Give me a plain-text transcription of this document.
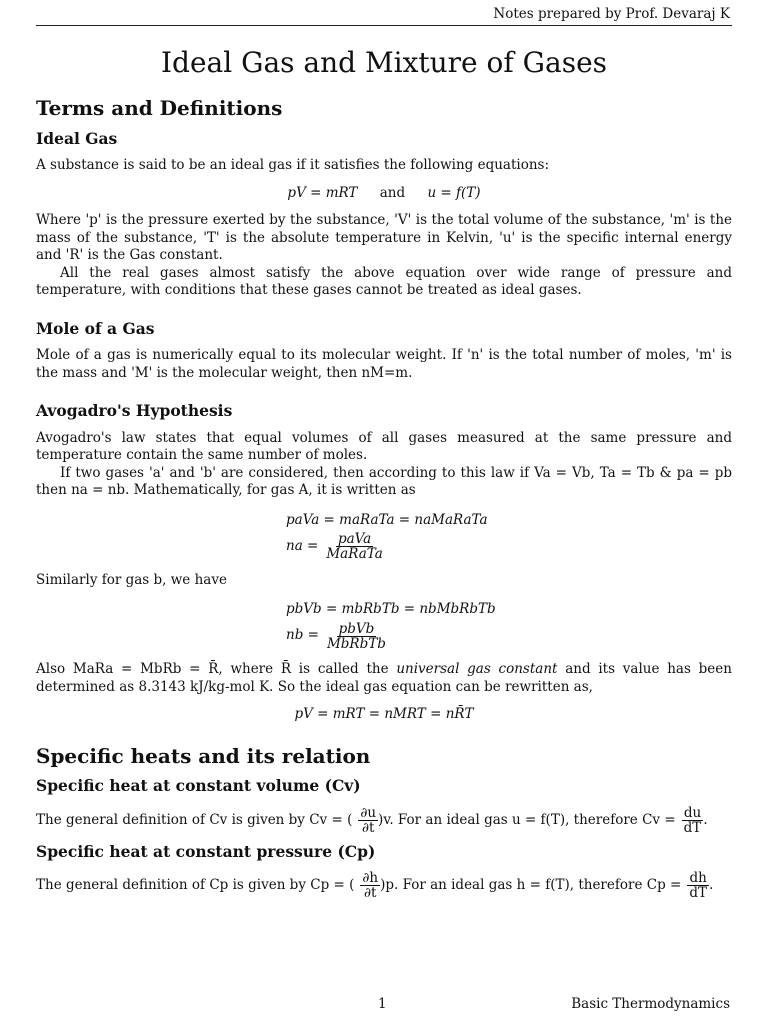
Notes prepared by Prof. Devaraj K
Ideal Gas and Mixture of Gases
Terms and Definitions
Ideal Gas

A substance is said to be an ideal gas if it satisfies the following equations:

pV = mRT and u = f(T)

Where 'p' is the pressure exerted by the substance, 'V' is the total volume of the substance, 'm' is the mass of the substance, 'T' is the absolute temperature in Kelvin, 'u' is the specific internal energy and 'R' is the Gas constant.

All the real gases almost satisfy the above equation over wide range of pressure and temperature, with conditions that these gases cannot be treated as ideal gases.

Mole of a Gas

Mole of a gas is numerically equal to its molecular weight. If 'n' is the total number of moles, 'm' is the mass and 'M' is the molecular weight, then nM=m.

Avogadro's Hypothesis

Avogadro's law states that equal volumes of all gases measured at the same pressure and temperature contain the same number of moles.

If two gases 'a' and 'b' are considered, then according to this law if Va = Vb, Ta = Tb & pa = pb then na = nb. Mathematically, for gas A, it is written as

paVa = maRaTa = naMaRaTa
na = $\frac{\text{paVa}}{\text{MaRaTa}}$

Similarly for gas b, we have

pbVb = mbRbTb = nbMbRbTb
nb = $\frac{\text{pbVb}}{\text{MbRbTb}}$

Also MaRa = MbRb = R̄, where R̄ is called the universal gas constant and its value has been determined as 8.3143 kJ/kg-mol K. So the ideal gas equation can be rewritten as,

pV = mRT = nMRT = nR̄T
Specific heats and its relation
Specific heat at constant volume (Cv)

The general definition of Cv is given by Cv = ( $\frac{\partial u}{\partial t} )v$. For an ideal gas u = f(T), therefore $Cv = \frac{du}{dT}$ .

Specific heat at constant pressure (Cp)

The general definition of Cp is given by Cp = ( $\frac{\partial h}{\partial t} )p$. For an ideal gas h = f(T), therefore $Cp = \frac{dh}{dT}$ .

1	Basic Thermodynamics
